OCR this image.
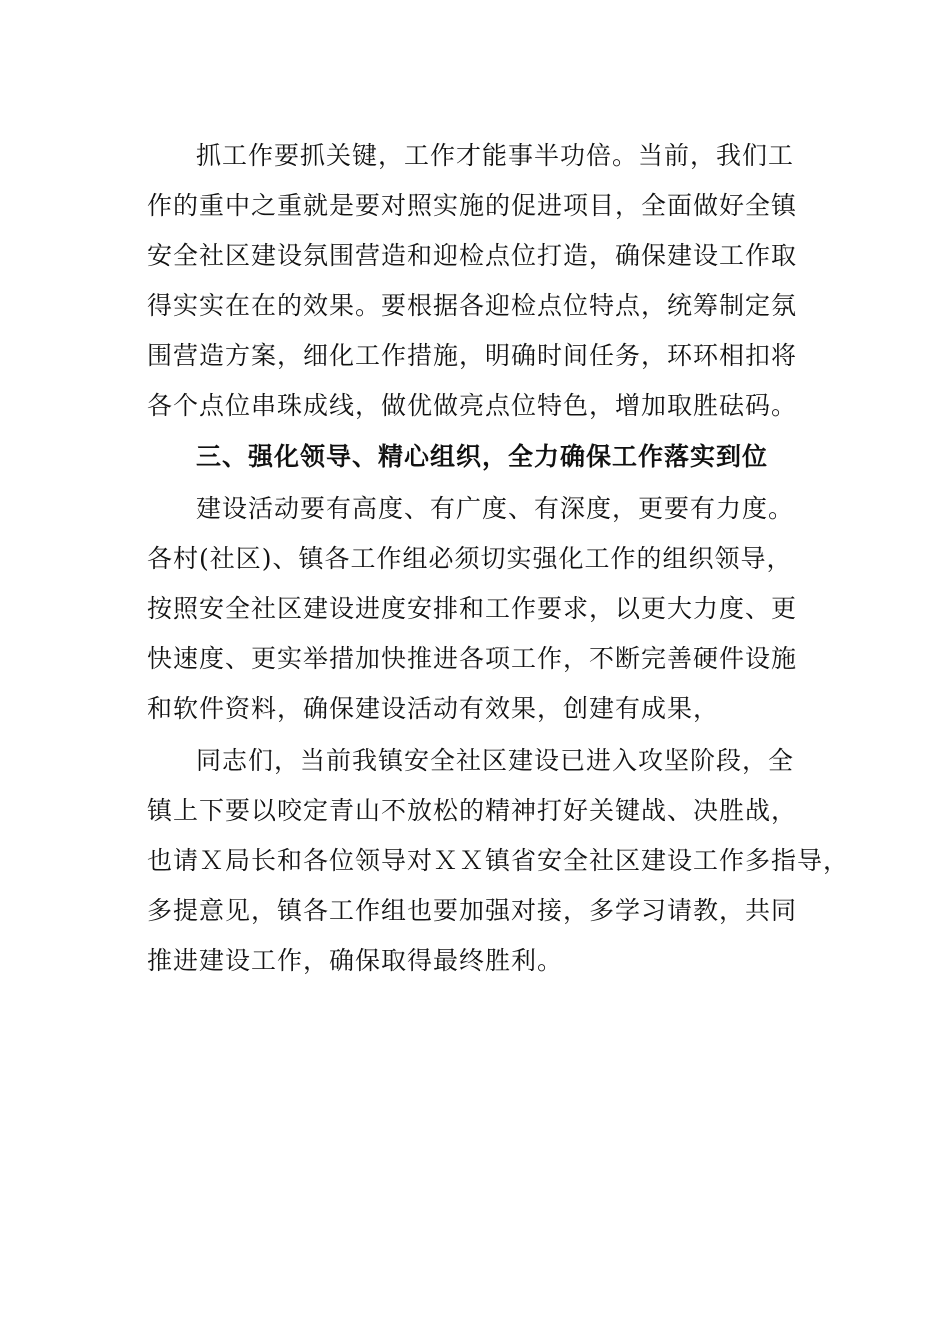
抓工作要抓关键，工作才能事半功倍。当前，我们工
作的重中之重就是要对照实施的促进项目，全面做好全镇
安全社区建设氛围营造和迎检点位打造，确保建设工作取
得实实在在的效果。要根据各迎检点位特点，统筹制定氛
围营造方案，细化工作措施，明确时间任务，环环相扣将
各个点位串珠成线，做优做亮点位特色，增加取胜砝码。
三、强化领导、精心组织，全力确保工作落实到位
建设活动要有高度、有广度、有深度，更要有力度。
各村(社区)、镇各工作组必须切实强化工作的组织领导，
按照安全社区建设进度安排和工作要求，以更大力度、更
快速度、更实举措加快推进各项工作，不断完善硬件设施
和软件资料，确保建设活动有效果，创建有成果，
同志们，当前我镇安全社区建设已进入攻坚阶段，全
镇上下要以咬定青山不放松的精神打好关键战、决胜战，
也请Ｘ局长和各位领导对ＸＸ镇省安全社区建设工作多指导，
多提意见，镇各工作组也要加强对接，多学习请教，共同
推进建设工作，确保取得最终胜利。
